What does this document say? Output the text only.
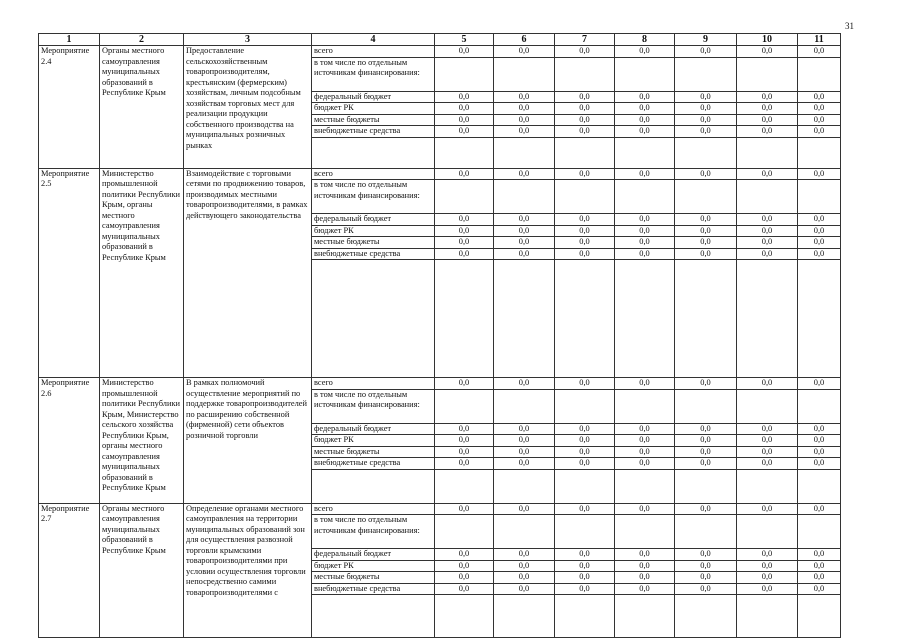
31
1	2	3	4	5	6	7	8	9	10	11
Мероприятие 2.4	Органы местного самоуправления муниципальных образований в Республике Крым	Предоставление сельскохозяйственным товаропроизводителям, крестьянским (фермерским) хозяйствам, личным подсобным хозяйствам торговых мест для реализации продукции собственного производства на муниципальных розничных рынках	всего	0,0	0,0	0,0	0,0	0,0	0,0	0,0
			в том числе по отдельным источникам финансирования:							
			федеральный бюджет	0,0	0,0	0,0	0,0	0,0	0,0	0,0
			бюджет РК	0,0	0,0	0,0	0,0	0,0	0,0	0,0
			местные бюджеты	0,0	0,0	0,0	0,0	0,0	0,0	0,0
			внебюджетные средства	0,0	0,0	0,0	0,0	0,0	0,0	0,0

Мероприятие 2.5	Министерство промышленной политики Республики Крым, органы местного самоуправления муниципальных образований в Республике Крым	Взаимодействие с торговыми сетями по продвижению товаров, производимых местными товаропроизводителями, в рамках действующего законодательства	всего	0,0	0,0	0,0	0,0	0,0	0,0	0,0
			в том числе по отдельным источникам финансирования:							
			федеральный бюджет	0,0	0,0	0,0	0,0	0,0	0,0	0,0
			бюджет РК	0,0	0,0	0,0	0,0	0,0	0,0	0,0
			местные бюджеты	0,0	0,0	0,0	0,0	0,0	0,0	0,0
			внебюджетные средства	0,0	0,0	0,0	0,0	0,0	0,0	0,0

Мероприятие 2.6	Министерство промышленной политики Республики Крым, Министерство сельского хозяйства Республики Крым, органы местного самоуправления муниципальных образований в Республике Крым	В рамках полномочий осуществление мероприятий по поддержке товаропроизводителей по расширению собственной (фирменной) сети объектов розничной торговли	всего	0,0	0,0	0,0	0,0	0,0	0,0	0,0
			в том числе по отдельным источникам финансирования:							
			федеральный бюджет	0,0	0,0	0,0	0,0	0,0	0,0	0,0
			бюджет РК	0,0	0,0	0,0	0,0	0,0	0,0	0,0
			местные бюджеты	0,0	0,0	0,0	0,0	0,0	0,0	0,0
			внебюджетные средства	0,0	0,0	0,0	0,0	0,0	0,0	0,0

Мероприятие 2.7	Органы местного самоуправления муниципальных образований в Республике Крым	Определение органами местного самоуправления на территории муниципальных образований зон для осуществления развозной торговли крымскими товаропроизводителями при условии осуществления торговли непосредственно самими товаропроизводителями с	всего	0,0	0,0	0,0	0,0	0,0	0,0	0,0
			в том числе по отдельным источникам финансирования:							
			федеральный бюджет	0,0	0,0	0,0	0,0	0,0	0,0	0,0
			бюджет РК	0,0	0,0	0,0	0,0	0,0	0,0	0,0
			местные бюджеты	0,0	0,0	0,0	0,0	0,0	0,0	0,0
			внебюджетные средства	0,0	0,0	0,0	0,0	0,0	0,0	0,0
